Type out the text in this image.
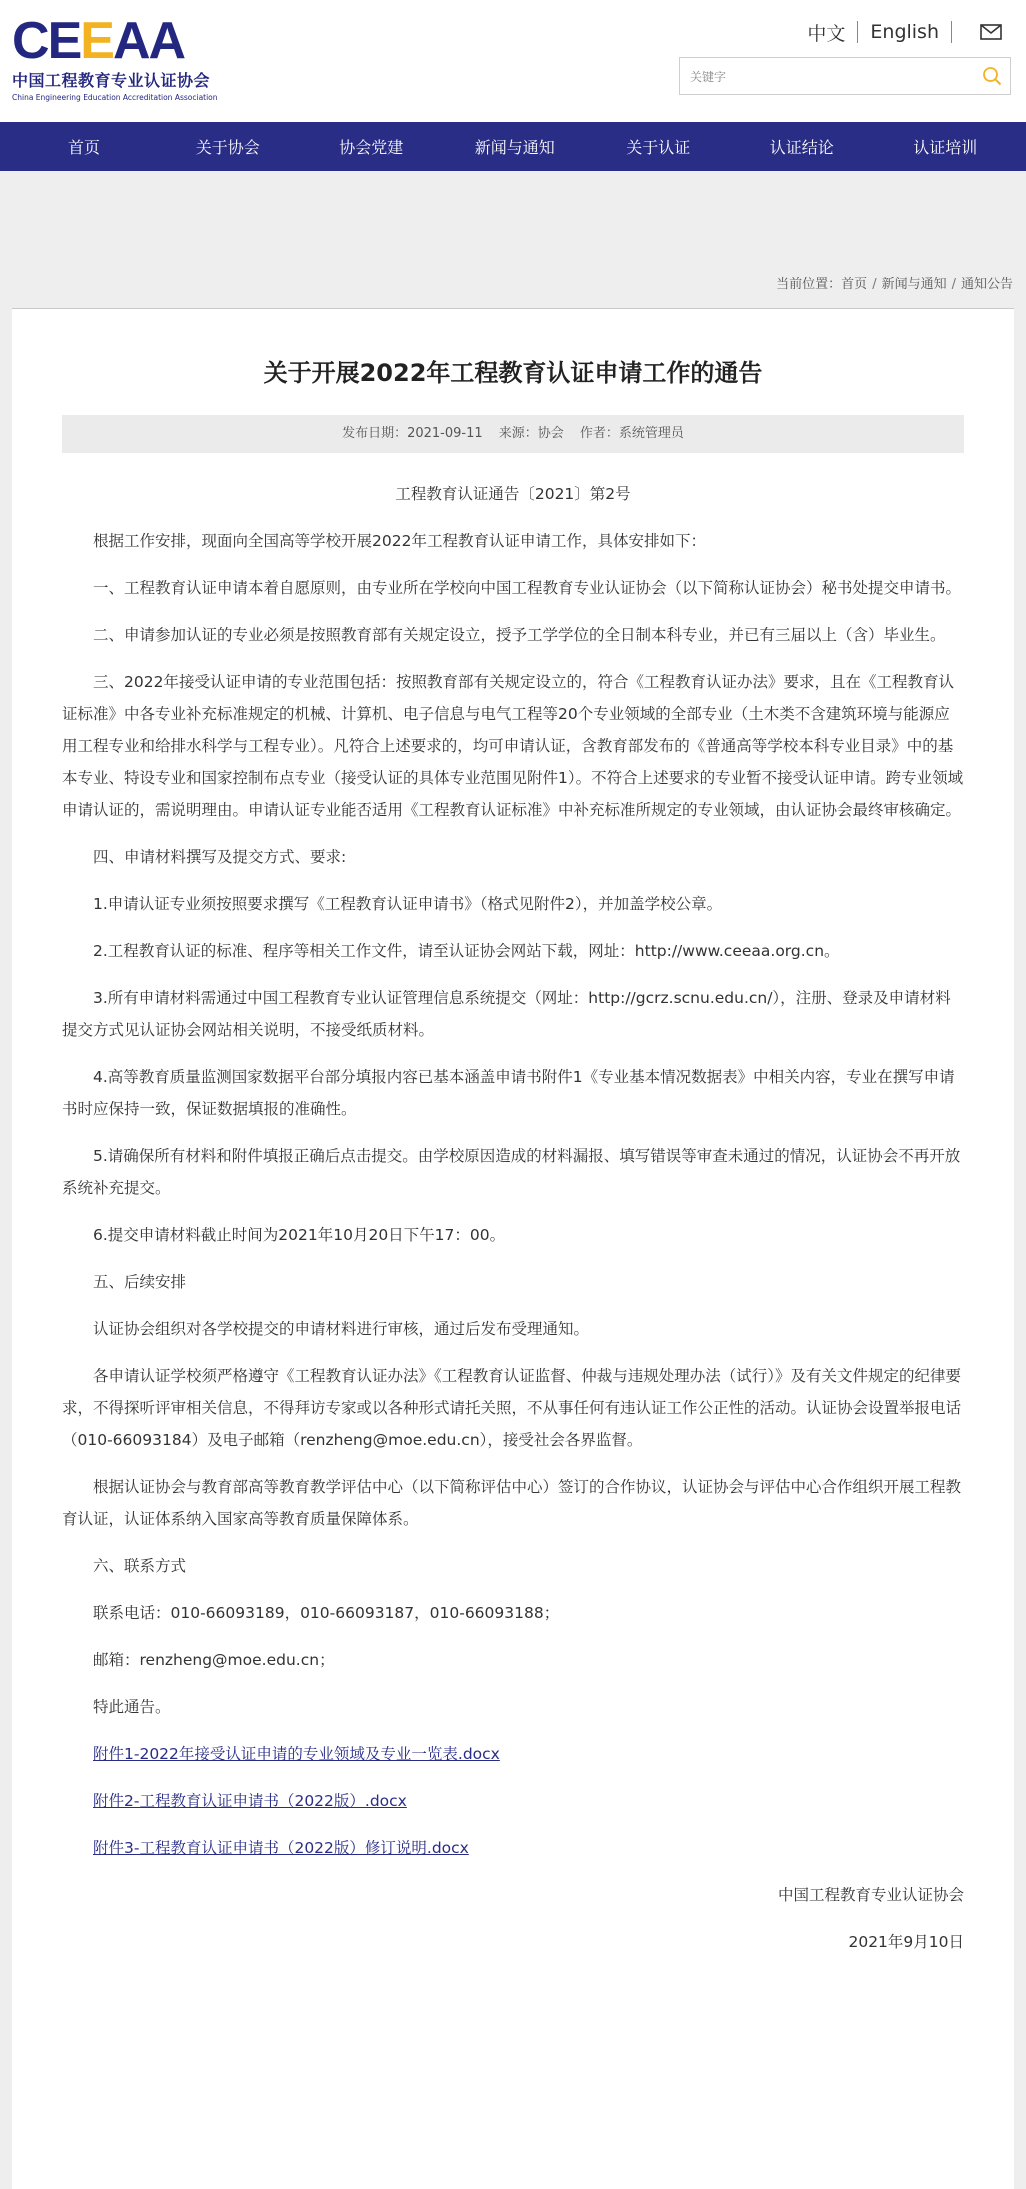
C E E AA
中国工程教育专业认证协会
China Engineering Education Accreditation Association
中文 English
关键字
首页	关于协会	协会党建	新闻与通知	关于认证	认证结论	认证培训
当前位置：首页 / 新闻与通知 / 通知公告
关于开展2022年工程教育认证申请工作的通告
发布日期：2021-09-11 来源：协会 作者：系统管理员

工程教育认证通告〔2021〕第2号

根据工作安排，现面向全国高等学校开展2022年工程教育认证申请工作，具体安排如下：

一、工程教育认证申请本着自愿原则，由专业所在学校向中国工程教育专业认证协会（以下简称认证协会）秘书处提交申请书。

二、申请参加认证的专业必须是按照教育部有关规定设立，授予工学学位的全日制本科专业，并已有三届以上（含）毕业生。

三、2022年接受认证申请的专业范围包括：按照教育部有关规定设立的，符合《工程教育认证办法》要求，且在《工程教育认证标准》中各专业补充标准规定的机械、计算机、电子信息与电气工程等20个专业领域的全部专业（土木类不含建筑环境与能源应用工程专业和给排水科学与工程专业）。凡符合上述要求的，均可申请认证，含教育部发布的《普通高等学校本科专业目录》中的基本专业、特设专业和国家控制布点专业（接受认证的具体专业范围见附件1）。不符合上述要求的专业暂不接受认证申请。跨专业领域申请认证的，需说明理由。申请认证专业能否适用《工程教育认证标准》中补充标准所规定的专业领域，由认证协会最终审核确定。

四、申请材料撰写及提交方式、要求:

1.申请认证专业须按照要求撰写《工程教育认证申请书》（格式见附件2），并加盖学校公章。

2.工程教育认证的标准、程序等相关工作文件，请至认证协会网站下载，网址：http://www.ceeaa.org.cn。

3.所有申请材料需通过中国工程教育专业认证管理信息系统提交（网址：http://gcrz.scnu.edu.cn/），注册、登录及申请材料提交方式见认证协会网站相关说明，不接受纸质材料。

4.高等教育质量监测国家数据平台部分填报内容已基本涵盖申请书附件1《专业基本情况数据表》中相关内容，专业在撰写申请书时应保持一致，保证数据填报的准确性。

5.请确保所有材料和附件填报正确后点击提交。由学校原因造成的材料漏报、填写错误等审查未通过的情况，认证协会不再开放系统补充提交。

6.提交申请材料截止时间为2021年10月20日下午17：00。

五、后续安排

认证协会组织对各学校提交的申请材料进行审核，通过后发布受理通知。

各申请认证学校须严格遵守《工程教育认证办法》《工程教育认证监督、仲裁与违规处理办法（试行）》及有关文件规定的纪律要求，不得探听评审相关信息，不得拜访专家或以各种形式请托关照，不从事任何有违认证工作公正性的活动。认证协会设置举报电话（010-66093184）及电子邮箱（renzheng@moe.edu.cn），接受社会各界监督。

根据认证协会与教育部高等教育教学评估中心（以下简称评估中心）签订的合作协议，认证协会与评估中心合作组织开展工程教育认证，认证体系纳入国家高等教育质量保障体系。

六、联系方式

联系电话：010-66093189，010-66093187，010-66093188；

邮箱：renzheng@moe.edu.cn；

特此通告。

附件1-2022年接受认证申请的专业领域及专业一览表.docx

附件2-工程教育认证申请书（2022版）.docx

附件3-工程教育认证申请书（2022版）修订说明.docx

中国工程教育专业认证协会

2021年9月10日
